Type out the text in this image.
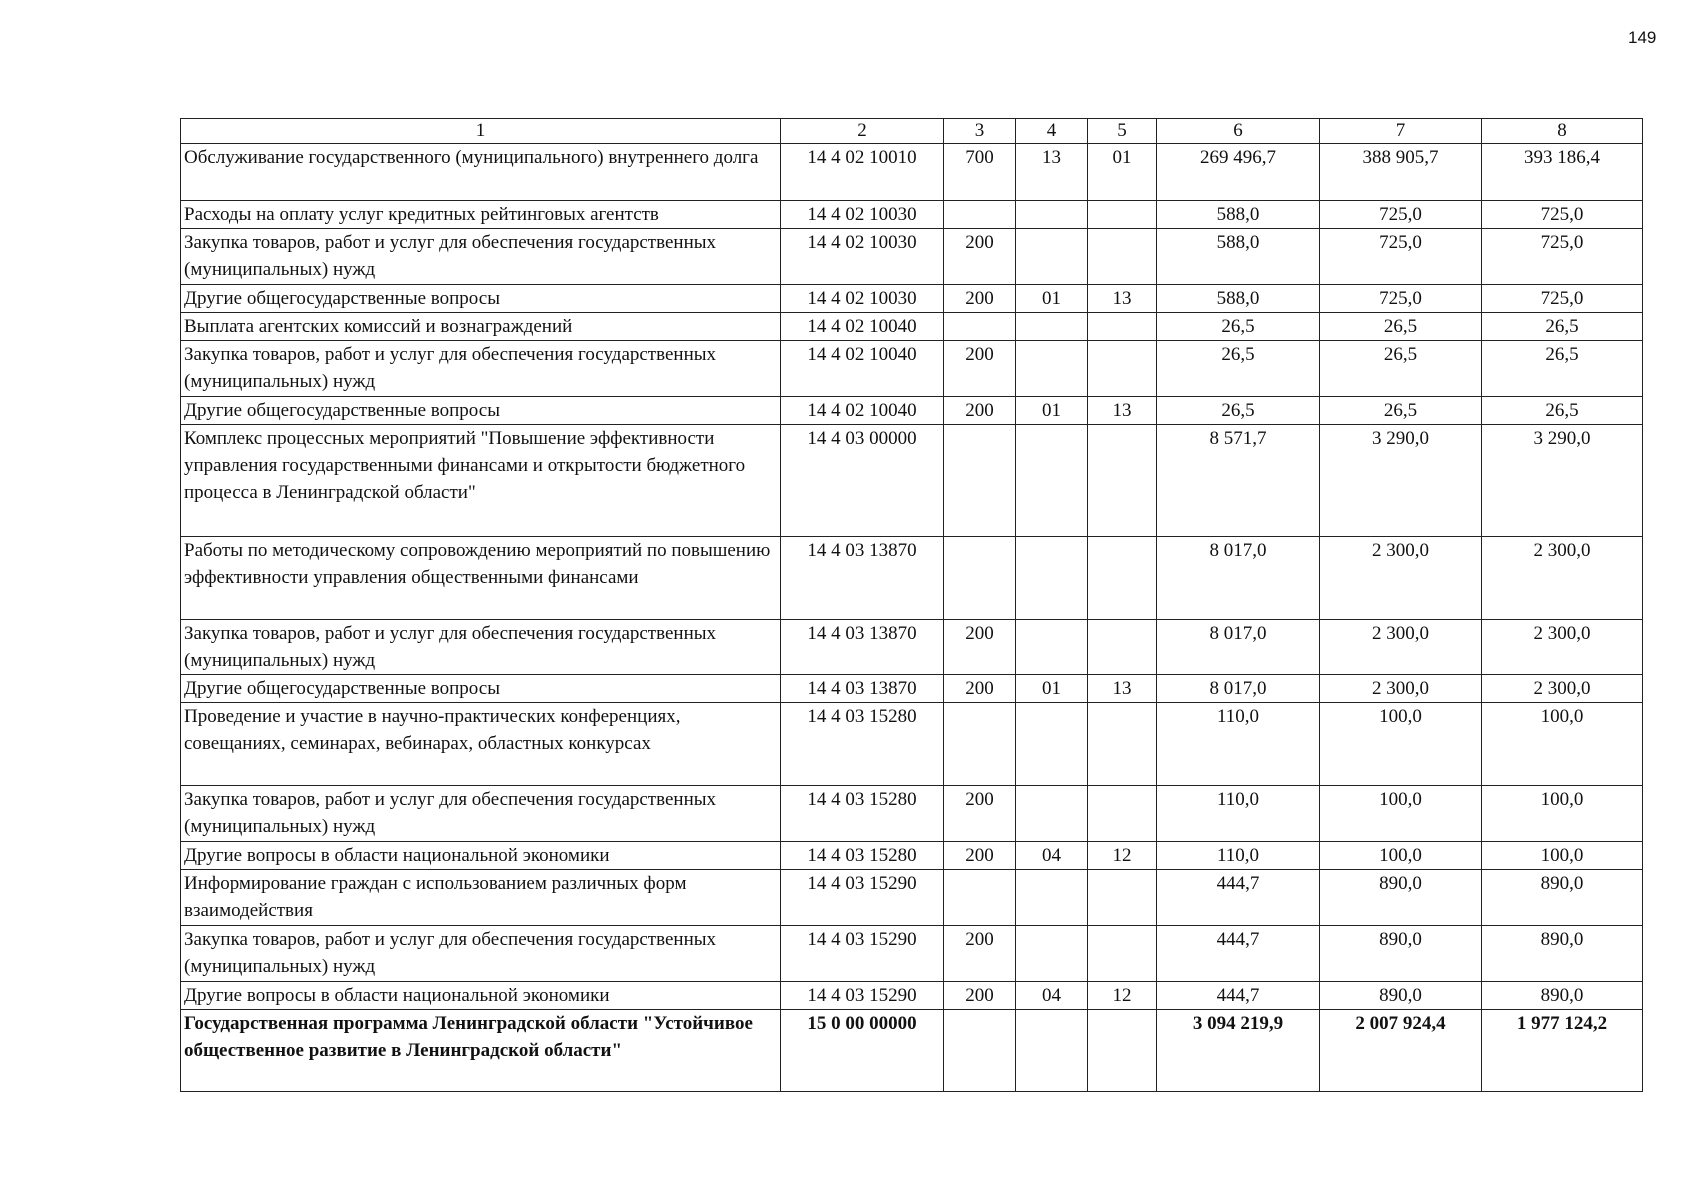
149
1	2	3	4	5	6	7	8
Обслуживание государственного (муниципального) внутреннего долга	14 4 02 10010	700	13	01	269 496,7	388 905,7	393 186,4
Расходы на оплату услуг кредитных рейтинговых агентств	14 4 02 10030				588,0	725,0	725,0
Закупка товаров, работ и услуг для обеспечения государственных (муниципальных) нужд	14 4 02 10030	200			588,0	725,0	725,0
Другие общегосударственные вопросы	14 4 02 10030	200	01	13	588,0	725,0	725,0
Выплата агентских комиссий и вознаграждений	14 4 02 10040				26,5	26,5	26,5
Закупка товаров, работ и услуг для обеспечения государственных (муниципальных) нужд	14 4 02 10040	200			26,5	26,5	26,5
Другие общегосударственные вопросы	14 4 02 10040	200	01	13	26,5	26,5	26,5
Комплекс процессных мероприятий "Повышение эффективности управления государственными финансами и открытости бюджетного процесса в Ленинградской области"	14 4 03 00000				8 571,7	3 290,0	3 290,0
Работы по методическому сопровождению мероприятий по повышению эффективности управления общественными финансами	14 4 03 13870				8 017,0	2 300,0	2 300,0
Закупка товаров, работ и услуг для обеспечения государственных (муниципальных) нужд	14 4 03 13870	200			8 017,0	2 300,0	2 300,0
Другие общегосударственные вопросы	14 4 03 13870	200	01	13	8 017,0	2 300,0	2 300,0
Проведение и участие в научно-практических конференциях, совещаниях, семинарах, вебинарах, областных конкурсах	14 4 03 15280				110,0	100,0	100,0
Закупка товаров, работ и услуг для обеспечения государственных (муниципальных) нужд	14 4 03 15280	200			110,0	100,0	100,0
Другие вопросы в области национальной экономики	14 4 03 15280	200	04	12	110,0	100,0	100,0
Информирование граждан с использованием различных форм взаимодействия	14 4 03 15290				444,7	890,0	890,0
Закупка товаров, работ и услуг для обеспечения государственных (муниципальных) нужд	14 4 03 15290	200			444,7	890,0	890,0
Другие вопросы в области национальной экономики	14 4 03 15290	200	04	12	444,7	890,0	890,0
Государственная программа Ленинградской области "Устойчивое общественное развитие в Ленинградской области"	15 0 00 00000				3 094 219,9	2 007 924,4	1 977 124,2
